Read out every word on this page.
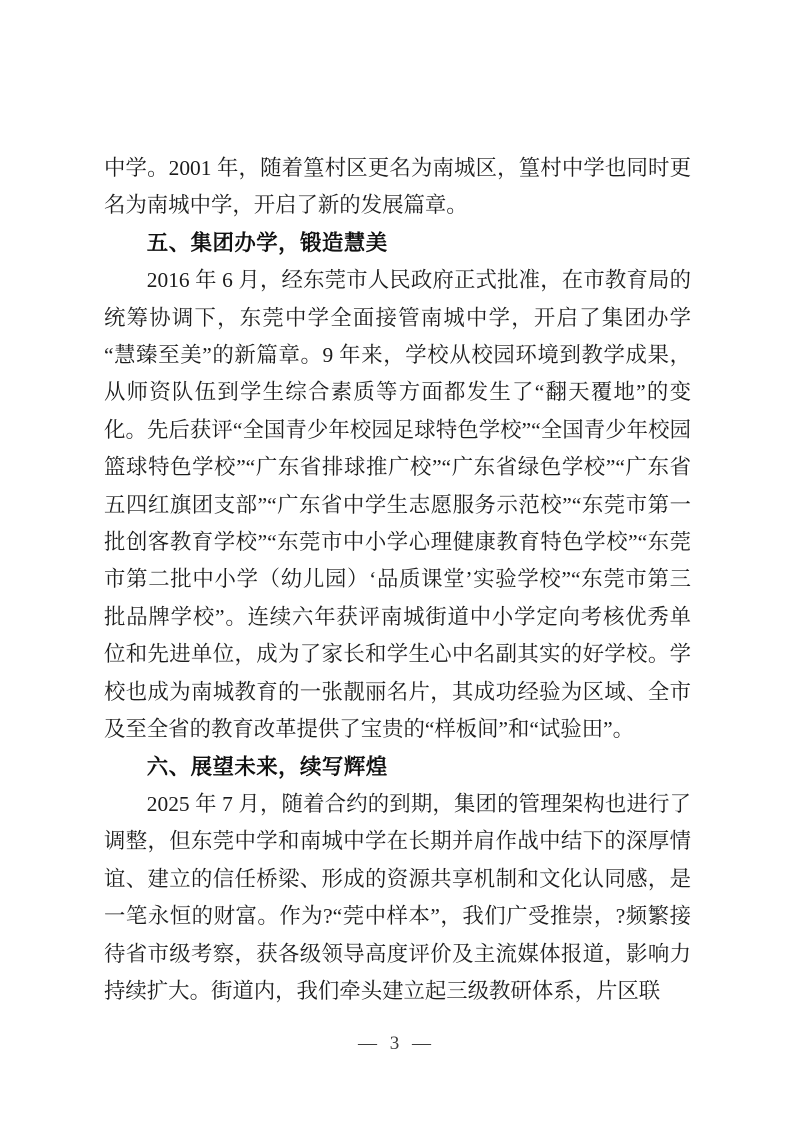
中学。2001 年，随着篁村区更名为南城区，篁村中学也同时更名为南城中学，开启了新的发展篇章。

五、集团办学，锻造慧美

2016 年 6 月，经东莞市人民政府正式批准，在市教育局的统筹协调下，东莞中学全面接管南城中学，开启了集团办学“慧臻至美”的新篇章。9 年来，学校从校园环境到教学成果，从师资队伍到学生综合素质等方面都发生了“翻天覆地”的变化。先后获评“全国青少年校园足球特色学校”“全国青少年校园篮球特色学校”“广东省排球推广校”“广东省绿色学校”“广东省五四红旗团支部”“广东省中学生志愿服务示范校”“东莞市第一批创客教育学校”“东莞市中小学心理健康教育特色学校”“东莞市第二批中小学（幼儿园）‘品质课堂’实验学校”“东莞市第三批品牌学校”。连续六年获评南城街道中小学定向考核优秀单位和先进单位，成为了家长和学生心中名副其实的好学校。学校也成为南城教育的一张靓丽名片，其成功经验为区域、全市及至全省的教育改革提供了宝贵的“样板间”和“试验田”。

六、展望未来，续写辉煌

2025 年 7 月，随着合约的到期，集团的管理架构也进行了调整，但东莞中学和南城中学在长期并肩作战中结下的深厚情谊、建立的信任桥梁、形成的资源共享机制和文化认同感，是一笔永恒的财富。作为?“莞中样本”，我们广受推崇，?频繁接待省市级考察，获各级领导高度评价及主流媒体报道，影响力持续扩大。街道内，我们牵头建立起三级教研体系，片区联

— 3 —
